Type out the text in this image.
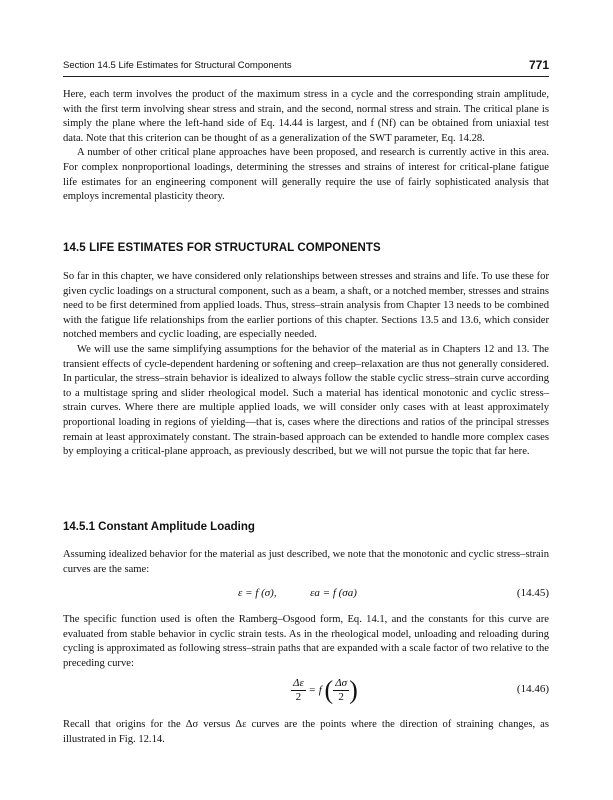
Section 14.5 Life Estimates for Structural Components	771

Here, each term involves the product of the maximum stress in a cycle and the corresponding strain amplitude, with the first term involving shear stress and strain, and the second, normal stress and strain. The critical plane is simply the plane where the left-hand side of Eq. 14.44 is largest, and f (Nf) can be obtained from uniaxial test data. Note that this criterion can be thought of as a generalization of the SWT parameter, Eq. 14.28.

A number of other critical plane approaches have been proposed, and research is currently active in this area. For complex nonproportional loadings, determining the stresses and strains of interest for critical-plane fatigue life estimates for an engineering component will generally require the use of fairly sophisticated analysis that employs incremental plasticity theory.

14.5 LIFE ESTIMATES FOR STRUCTURAL COMPONENTS

So far in this chapter, we have considered only relationships between stresses and strains and life. To use these for given cyclic loadings on a structural component, such as a beam, a shaft, or a notched member, stresses and strains need to be first determined from applied loads. Thus, stress–strain analysis from Chapter 13 needs to be combined with the fatigue life relationships from the earlier portions of this chapter. Sections 13.5 and 13.6, which consider notched members and cyclic loading, are especially needed.

We will use the same simplifying assumptions for the behavior of the material as in Chapters 12 and 13. The transient effects of cycle-dependent hardening or softening and creep–relaxation are thus not generally considered. In particular, the stress–strain behavior is idealized to always follow the stable cyclic stress–strain curve according to a multistage spring and slider rheological model. Such a material has identical monotonic and cyclic stress–strain curves. Where there are multiple applied loads, we will consider only cases with at least approximately proportional loading in regions of yielding—that is, cases where the directions and ratios of the principal stresses remain at least approximately constant. The strain-based approach can be extended to handle more complex cases by employing a critical-plane approach, as previously described, but we will not pursue the topic that far here.

14.5.1 Constant Amplitude Loading

Assuming idealized behavior for the material as just described, we note that the monotonic and cyclic stress–strain curves are the same:

ε = f (σ),	εa = f (σa)	(14.45)

The specific function used is often the Ramberg–Osgood form, Eq. 14.1, and the constants for this curve are evaluated from stable behavior in cyclic strain tests. As in the rheological model, unloading and reloading during cycling is approximated as following stress–strain paths that are expanded with a scale factor of two relative to the preceding curve:

$\frac{\Delta\varepsilon}{2} = f$ ( $\frac{\Delta\sigma}{2}$ )	(14.46)

Recall that origins for the Δσ versus Δε curves are the points where the direction of straining changes, as illustrated in Fig. 12.14.
